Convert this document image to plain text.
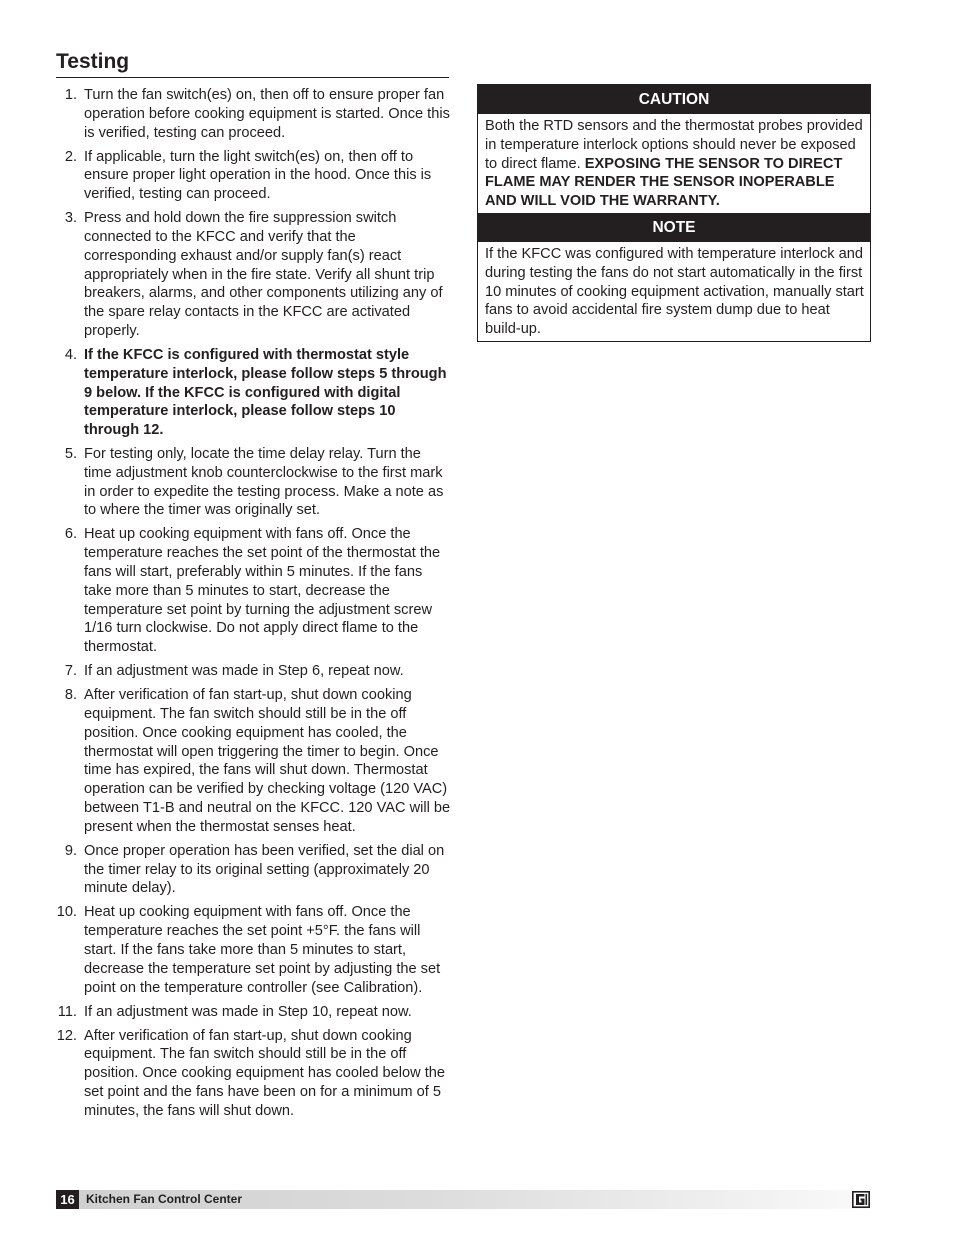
Testing
1. Turn the fan switch(es) on, then off to ensure proper fan operation before cooking equipment is started. Once this is verified, testing can proceed.
2. If applicable, turn the light switch(es) on, then off to ensure proper light operation in the hood. Once this is verified, testing can proceed.
3. Press and hold down the fire suppression switch connected to the KFCC and verify that the corresponding exhaust and/or supply fan(s) react appropriately when in the fire state. Verify all shunt trip breakers, alarms, and other components utilizing any of the spare relay contacts in the KFCC are activated properly.
4. If the KFCC is configured with thermostat style temperature interlock, please follow steps 5 through 9 below. If the KFCC is configured with digital temperature interlock, please follow steps 10 through 12.
5. For testing only, locate the time delay relay. Turn the time adjustment knob counterclockwise to the first mark in order to expedite the testing process. Make a note as to where the timer was originally set.
6. Heat up cooking equipment with fans off. Once the temperature reaches the set point of the thermostat the fans will start, preferably within 5 minutes. If the fans take more than 5 minutes to start, decrease the temperature set point by turning the adjustment screw 1/16 turn clockwise. Do not apply direct flame to the thermostat.
7. If an adjustment was made in Step 6, repeat now.
8. After verification of fan start-up, shut down cooking equipment. The fan switch should still be in the off position. Once cooking equipment has cooled, the thermostat will open triggering the timer to begin. Once time has expired, the fans will shut down. Thermostat operation can be verified by checking voltage (120 VAC) between T1-B and neutral on the KFCC. 120 VAC will be present when the thermostat senses heat.
9. Once proper operation has been verified, set the dial on the timer relay to its original setting (approximately 20 minute delay).
10. Heat up cooking equipment with fans off. Once the temperature reaches the set point +5°F. the fans will start. If the fans take more than 5 minutes to start, decrease the temperature set point by adjusting the set point on the temperature controller (see Calibration).
11. If an adjustment was made in Step 10, repeat now.
12. After verification of fan start-up, shut down cooking equipment. The fan switch should still be in the off position. Once cooking equipment has cooled below the set point and the fans have been on for a minimum of 5 minutes, the fans will shut down.
CAUTION
Both the RTD sensors and the thermostat probes provided in temperature interlock options should never be exposed to direct flame. EXPOSING THE SENSOR TO DIRECT FLAME MAY RENDER THE SENSOR INOPERABLE AND WILL VOID THE WARRANTY.
NOTE
If the KFCC was configured with temperature interlock and during testing the fans do not start automatically in the first 10 minutes of cooking equipment activation, manually start fans to avoid accidental fire system dump due to heat build-up.
16 Kitchen Fan Control Center
